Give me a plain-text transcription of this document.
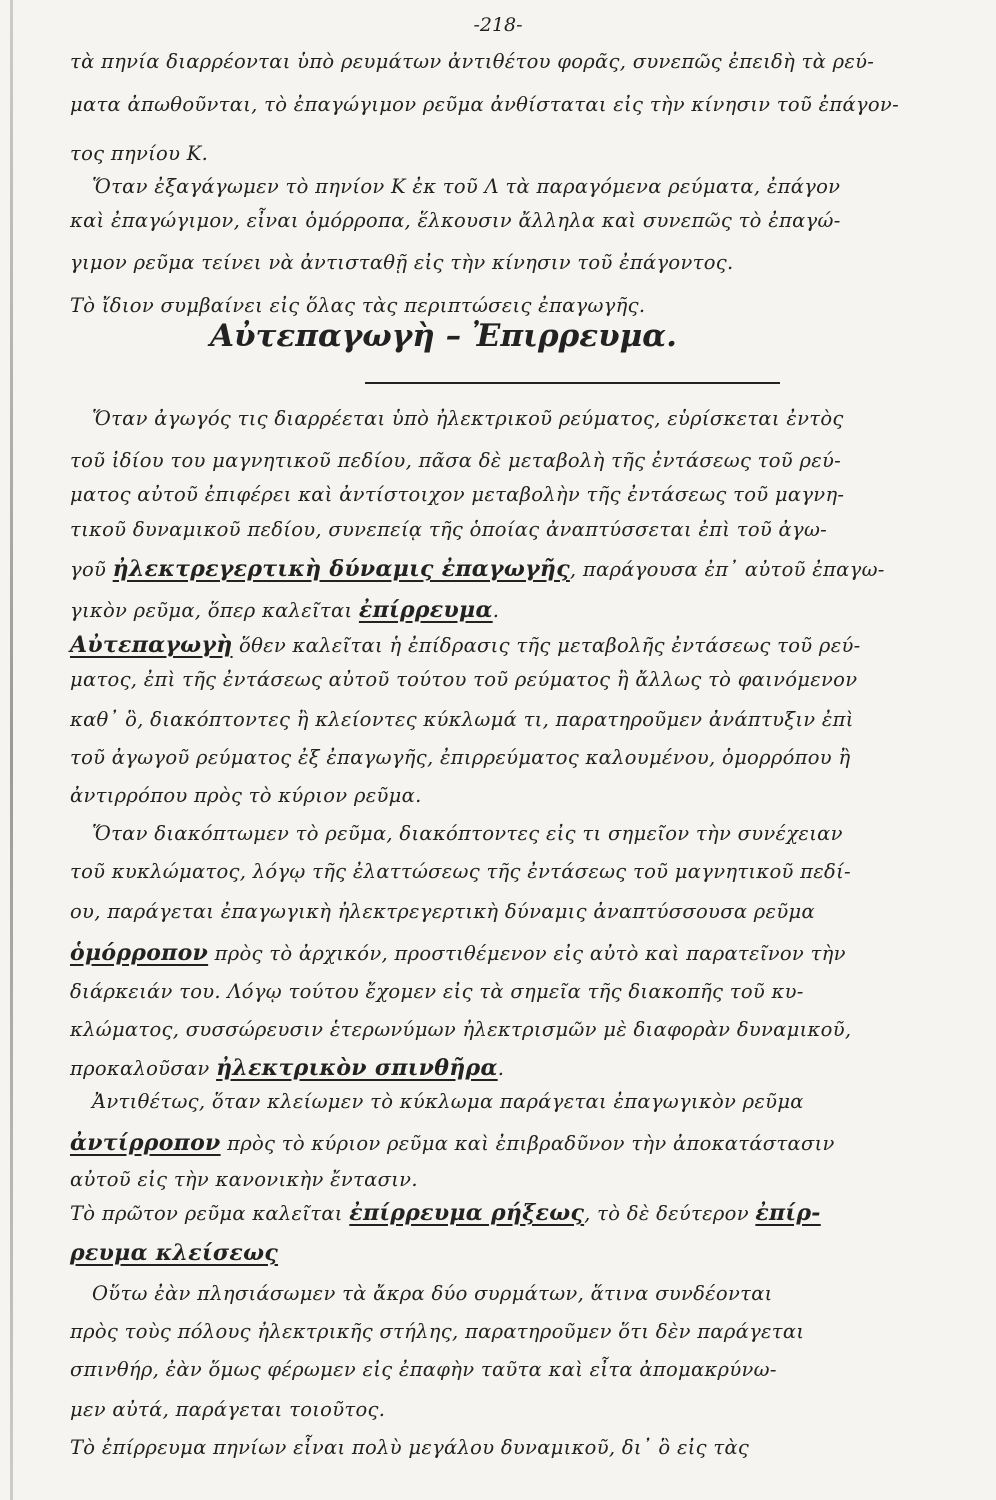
-218-
Αὐτεπαγωγὴ – Ἐπιρρευμα.
τὰ πηνία διαρρέονται ὑπὸ ρευμάτων ἀντιθέτου φορᾶς, συνεπῶς ἐπειδὴ τὰ ρεύ-
ματα ἀπωθοῦνται, τὸ ἐπαγώγιμον ρεῦμα ἀνθίσταται εἰς τὴν κίνησιν τοῦ ἐπάγον-
τος πηνίου Κ.
Ὅταν ἐξαγάγωμεν τὸ πηνίον Κ ἐκ τοῦ Λ τὰ παραγόμενα ρεύματα, ἐπάγον
καὶ ἐπαγώγιμον, εἶναι ὁμόρροπα, ἕλκουσιν ἄλληλα καὶ συνεπῶς τὸ ἐπαγώ-
γιμον ρεῦμα τείνει νὰ ἀντισταθῇ εἰς τὴν κίνησιν τοῦ ἐπάγοντος.
Τὸ ἴδιον συμβαίνει εἰς ὅλας τὰς περιπτώσεις ἐπαγωγῆς.
Ὅταν ἀγωγός τις διαρρέεται ὑπὸ ἠλεκτρικοῦ ρεύματος, εὑρίσκεται ἐντὸς
τοῦ ἰδίου του μαγνητικοῦ πεδίου, πᾶσα δὲ μεταβολὴ τῆς ἐντάσεως τοῦ ρεύ-
ματος αὐτοῦ ἐπιφέρει καὶ ἀντίστοιχον μεταβολὴν τῆς ἐντάσεως τοῦ μαγνη-
τικοῦ δυναμικοῦ πεδίου, συνεπείᾳ τῆς ὁποίας ἀναπτύσσεται ἐπὶ τοῦ ἀγω-
γοῦ ἠλεκτρεγερτικὴ δύναμις ἐπαγωγῆς, παράγουσα ἐπ᾽ αὐτοῦ ἐπαγω-
γικὸν ρεῦμα, ὅπερ καλεῖται ἐπίρρευμα.
Αὐτεπαγωγὴ ὅθεν καλεῖται ἡ ἐπίδρασις τῆς μεταβολῆς ἐντάσεως τοῦ ρεύ-
ματος, ἐπὶ τῆς ἐντάσεως αὐτοῦ τούτου τοῦ ρεύματος ἢ ἄλλως τὸ φαινόμενον
καθ᾽ ὃ, διακόπτοντες ἢ κλείοντες κύκλωμά τι, παρατηροῦμεν ἀνάπτυξιν ἐπὶ
τοῦ ἀγωγοῦ ρεύματος ἐξ ἐπαγωγῆς, ἐπιρρεύματος καλουμένου, ὁμορρόπου ἢ
ἀντιρρόπου πρὸς τὸ κύριον ρεῦμα.
Ὅταν διακόπτωμεν τὸ ρεῦμα, διακόπτοντες εἰς τι σημεῖον τὴν συνέχειαν
τοῦ κυκλώματος, λόγῳ τῆς ἐλαττώσεως τῆς ἐντάσεως τοῦ μαγνητικοῦ πεδί-
ου, παράγεται ἐπαγωγικὴ ἠλεκτρεγερτικὴ δύναμις ἀναπτύσσουσα ρεῦμα
ὁμόρροπον πρὸς τὸ ἀρχικόν, προστιθέμενον εἰς αὐτὸ καὶ παρατεῖνον τὴν
διάρκειάν του. Λόγῳ τούτου ἔχομεν εἰς τὰ σημεῖα τῆς διακοπῆς τοῦ κυ-
κλώματος, συσσώρευσιν ἑτερωνύμων ἠλεκτρισμῶν μὲ διαφορὰν δυναμικοῦ,
προκαλοῦσαν ἠλεκτρικὸν σπινθῆρα.
Ἀντιθέτως, ὅταν κλείωμεν τὸ κύκλωμα παράγεται ἐπαγωγικὸν ρεῦμα
ἀντίρροπον πρὸς τὸ κύριον ρεῦμα καὶ ἐπιβραδῦνον τὴν ἀποκατάστασιν
αὐτοῦ εἰς τὴν κανονικὴν ἔντασιν.
Τὸ πρῶτον ρεῦμα καλεῖται ἐπίρρευμα ρήξεως, τὸ δὲ δεύτερον ἐπίρ-
ρευμα κλείσεως
Οὕτω ἐὰν πλησιάσωμεν τὰ ἄκρα δύο συρμάτων, ἅτινα συνδέονται
πρὸς τοὺς πόλους ἠλεκτρικῆς στήλης, παρατηροῦμεν ὅτι δὲν παράγεται
σπινθήρ, ἐὰν ὅμως φέρωμεν εἰς ἐπαφὴν ταῦτα καὶ εἶτα ἀπομακρύνω-
μεν αὐτά, παράγεται τοιοῦτος.
Τὸ ἐπίρρευμα πηνίων εἶναι πολὺ μεγάλου δυναμικοῦ, δι᾽ ὃ εἰς τὰς
